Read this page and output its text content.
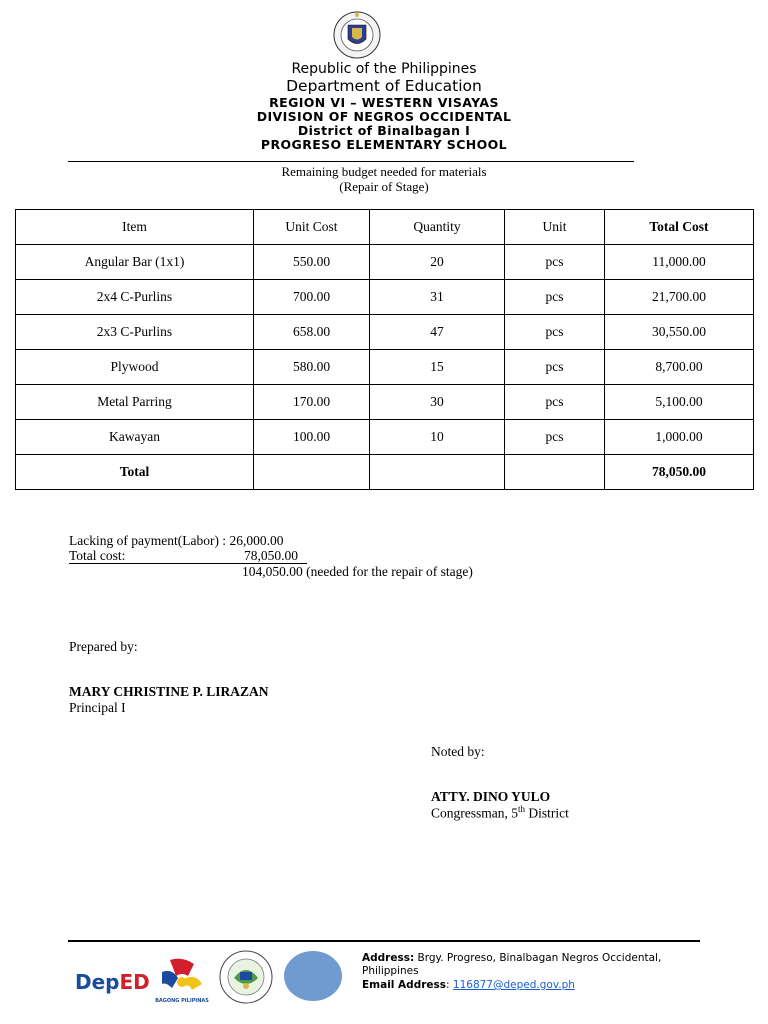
Republic of the Philippines
Department of Education
REGION VI – WESTERN VISAYAS
DIVISION OF NEGROS OCCIDENTAL
District of Binalbagan I
PROGRESO ELEMENTARY SCHOOL
Remaining budget needed for materials
(Repair of Stage)
Item	Unit Cost	Quantity	Unit	Total Cost
Angular Bar (1x1)	550.00	20	pcs	11,000.00
2x4 C-Purlins	700.00	31	pcs	21,700.00
2x3 C-Purlins	658.00	47	pcs	30,550.00
Plywood	580.00	15	pcs	8,700.00
Metal Parring	170.00	30	pcs	5,100.00
Kawayan	100.00	10	pcs	1,000.00
Total				78,050.00
Lacking of payment(Labor) : 26,000.00
Total cost:	78,050.00
104,050.00 (needed for the repair of stage)
Prepared by:
MARY CHRISTINE P. LIRAZAN
Principal I
Noted by:
ATTY. DINO YULO
Congressman, 5th District
DepED
BAGONG PILIPINAS
Address: Brgy. Progreso, Binalbagan Negros Occidental, Philippines
Email Address: 116877@deped.gov.ph
